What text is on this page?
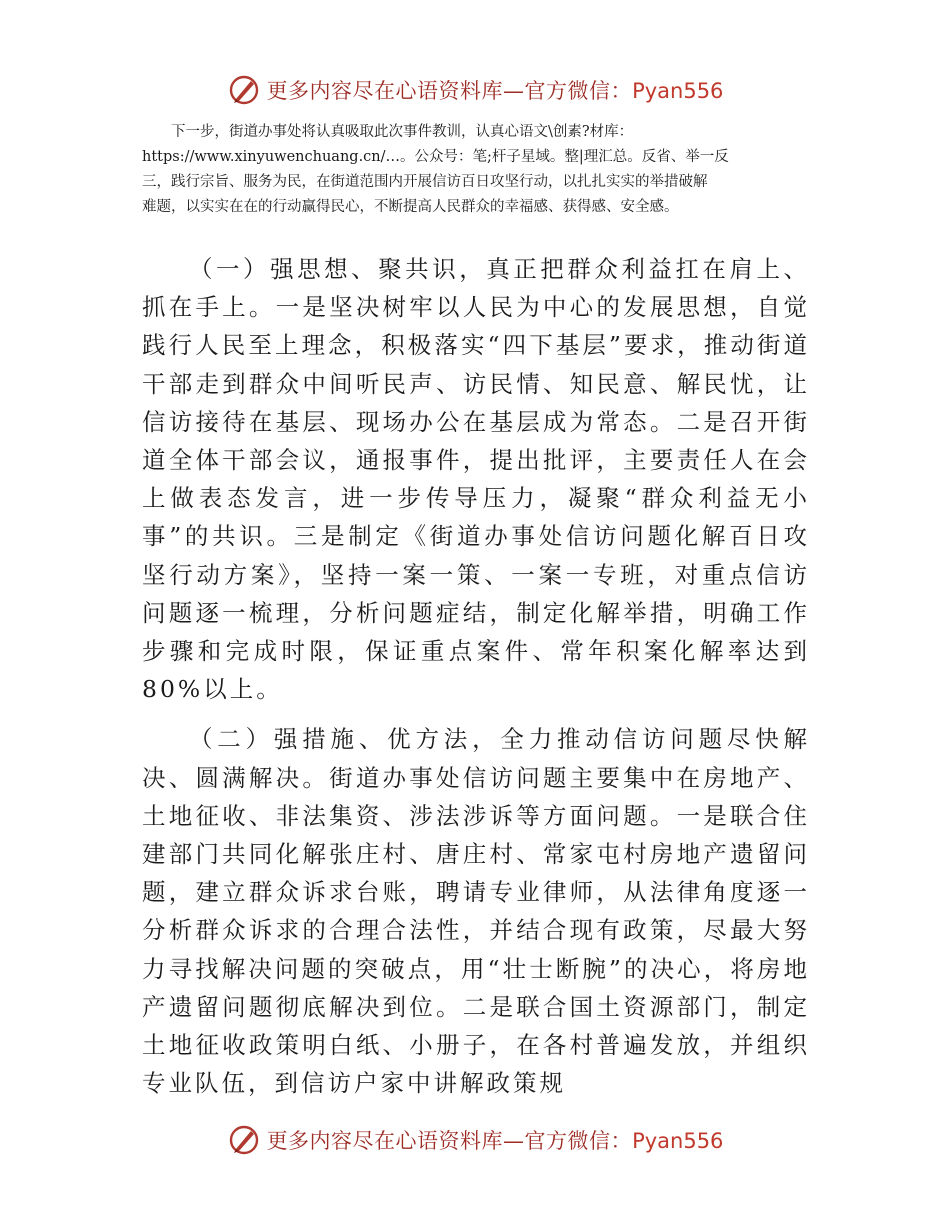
更多内容尽在心语资料库—官方微信：Pyan556
下一步，街道办事处将认真吸取此次事件教训，认真心语文\创素?材库：
https://www.xinyuwenchuang.cn/…。公众号：笔;杆子星域。整|理汇总。反省、举一反
三，践行宗旨、服务为民，在街道范围内开展信访百日攻坚行动，以扎扎实实的举措破解
难题，以实实在在的行动赢得民心，不断提高人民群众的幸福感、获得感、安全感。

（一）强思想、聚共识，真正把群众利益扛在肩上、抓在手上。一是坚决树牢以人民为中心的发展思想，自觉践行人民至上理念，积极落实“四下基层”要求，推动街道干部走到群众中间听民声、访民情、知民意、解民忧，让信访接待在基层、现场办公在基层成为常态。二是召开街道全体干部会议，通报事件，提出批评，主要责任人在会上做表态发言，进一步传导压力，凝聚“群众利益无小事”的共识。三是制定《街道办事处信访问题化解百日攻坚行动方案》，坚持一案一策、一案一专班，对重点信访问题逐一梳理，分析问题症结，制定化解举措，明确工作步骤和完成时限，保证重点案件、常年积案化解率达到80%以上。

（二）强措施、优方法，全力推动信访问题尽快解决、圆满解决。街道办事处信访问题主要集中在房地产、土地征收、非法集资、涉法涉诉等方面问题。一是联合住建部门共同化解张庄村、唐庄村、常家屯村房地产遗留问题，建立群众诉求台账，聘请专业律师，从法律角度逐一分析群众诉求的合理合法性，并结合现有政策，尽最大努力寻找解决问题的突破点，用“壮士断腕”的决心，将房地产遗留问题彻底解决到位。二是联合国土资源部门，制定土地征收政策明白纸、小册子，在各村普遍发放，并组织专业队伍，到信访户家中讲解政策规

更多内容尽在心语资料库—官方微信：Pyan556
